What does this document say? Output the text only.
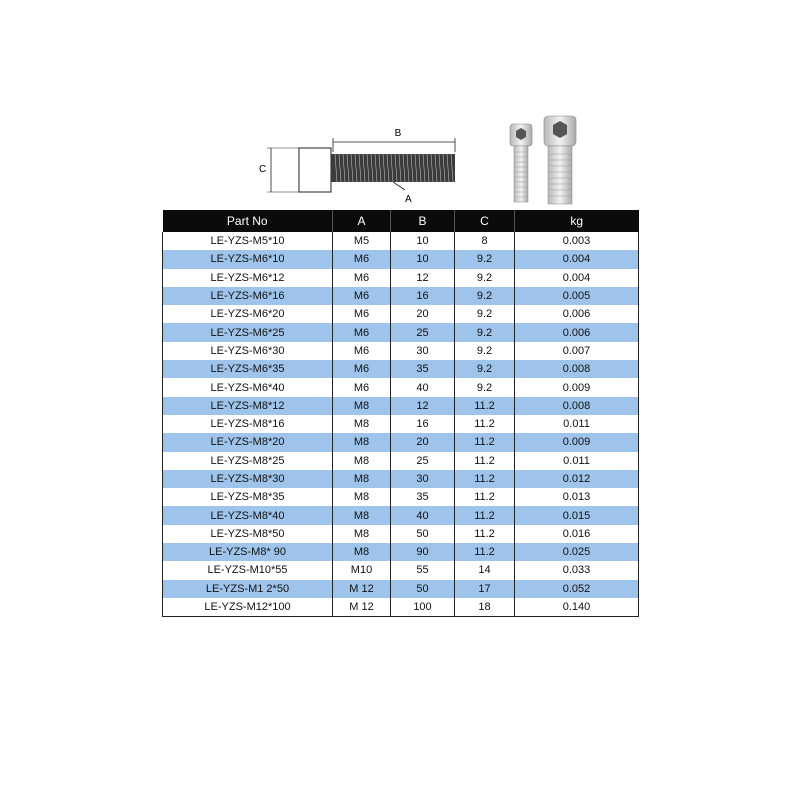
B
C
A
Part No	A	B	C	kg
LE-YZS-M5*10	M5	10	8	0.003
LE-YZS-M6*10	M6	10	9.2	0.004
LE-YZS-M6*12	M6	12	9.2	0.004
LE-YZS-M6*16	M6	16	9.2	0.005
LE-YZS-M6*20	M6	20	9.2	0.006
LE-YZS-M6*25	M6	25	9.2	0.006
LE-YZS-M6*30	M6	30	9.2	0.007
LE-YZS-M6*35	M6	35	9.2	0.008
LE-YZS-M6*40	M6	40	9.2	0.009
LE-YZS-M8*12	M8	12	11.2	0.008
LE-YZS-M8*16	M8	16	11.2	0.011
LE-YZS-M8*20	M8	20	11.2	0.009
LE-YZS-M8*25	M8	25	11.2	0.011
LE-YZS-M8*30	M8	30	11.2	0.012
LE-YZS-M8*35	M8	35	11.2	0.013
LE-YZS-M8*40	M8	40	11.2	0.015
LE-YZS-M8*50	M8	50	11.2	0.016
LE-YZS-M8* 90	M8	90	11.2	0.025
LE-YZS-M10*55	M10	55	14	0.033
LE-YZS-M1 2*50	M 12	50	17	0.052
LE-YZS-M12*100	M 12	100	18	0.140
